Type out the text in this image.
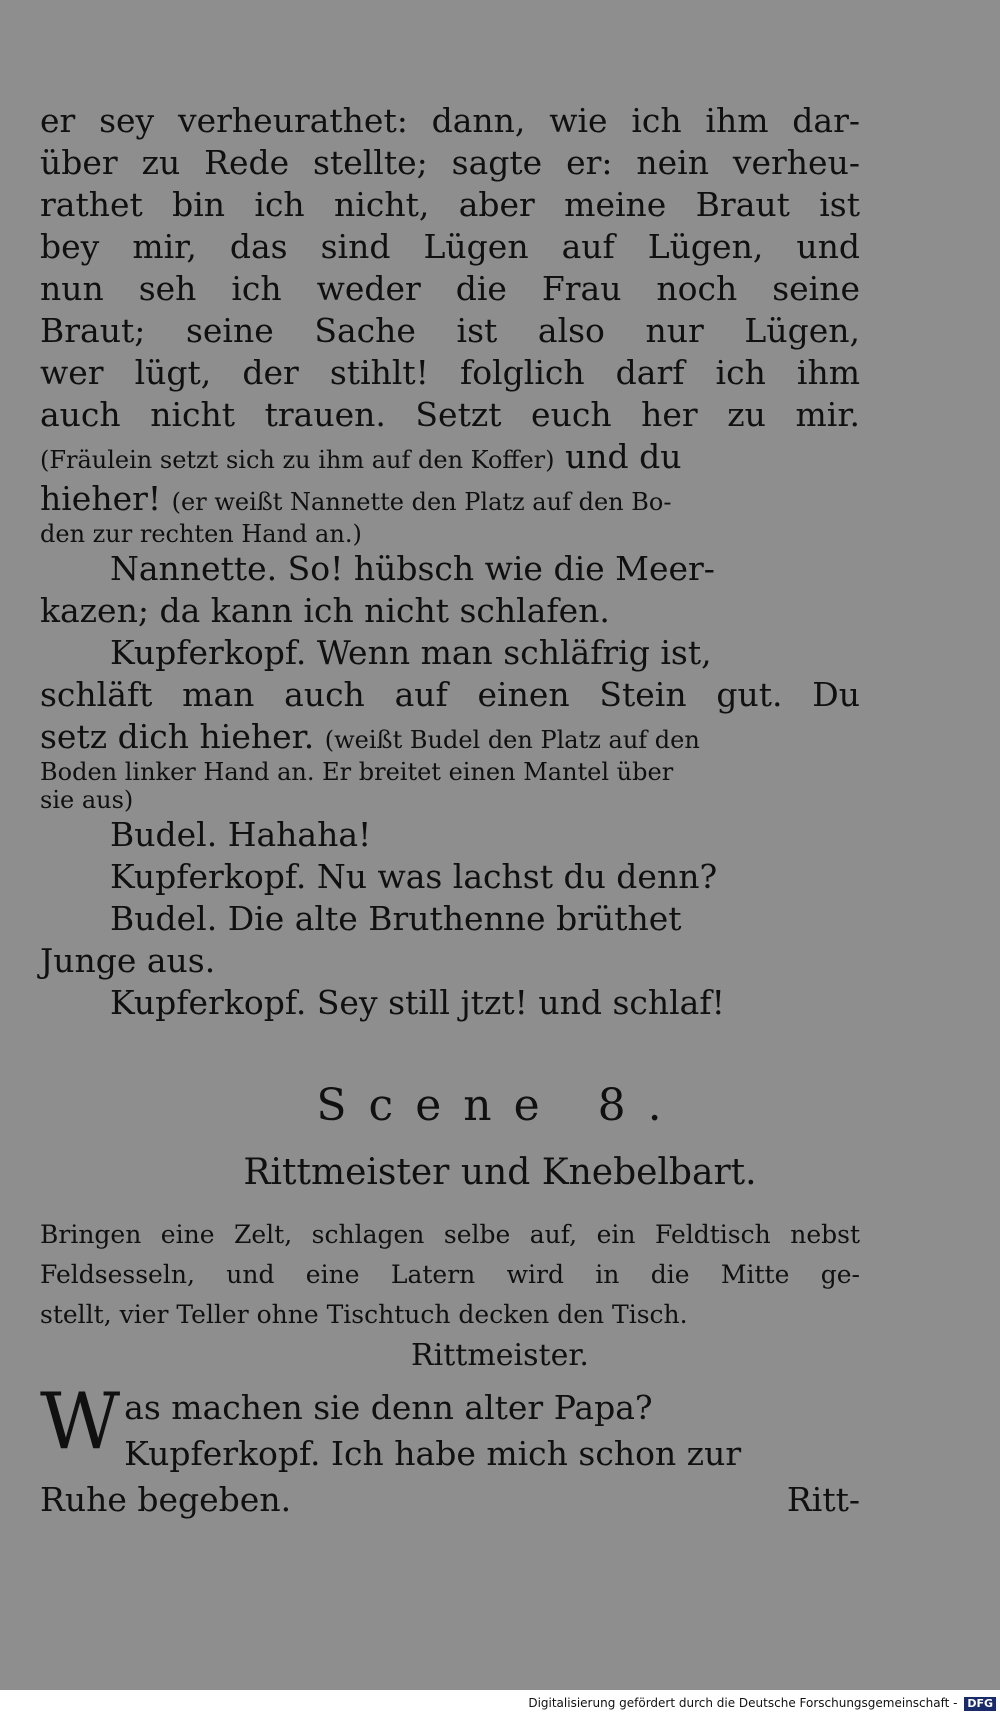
er sey verheurathet: dann, wie ich ihm dar-
über zu Rede stellte; sagte er: nein verheu-
rathet bin ich nicht, aber meine Braut ist
bey mir, das sind Lügen auf Lügen, und
nun seh ich weder die Frau noch seine
Braut; seine Sache ist also nur Lügen,
wer lügt, der stihlt! folglich darf ich ihm
auch nicht trauen. Setzt euch her zu mir.
(Fräulein setzt sich zu ihm auf den Koffer) und du
hieher! (er weißt Nannette den Platz auf den Bo-
den zur rechten Hand an.)
Nannette. So! hübsch wie die Meer-
kazen; da kann ich nicht schlafen.
Kupferkopf. Wenn man schläfrig ist,
schläft man auch auf einen Stein gut. Du
setz dich hieher. (weißt Budel den Platz auf den
Boden linker Hand an. Er breitet einen Mantel über
sie aus)
Budel. Hahaha!
Kupferkopf. Nu was lachst du denn?
Budel. Die alte Bruthenne brüthet
Junge aus.
Kupferkopf. Sey still jtzt! und schlaf!
Scene 8.
Rittmeister und Knebelbart.
Bringen eine Zelt, schlagen selbe auf, ein Feldtisch nebst
Feldsesseln, und eine Latern wird in die Mitte ge-
stellt, vier Teller ohne Tischtuch decken den Tisch.
Rittmeister.
W as machen sie denn alter Papa?
Kupferkopf. Ich habe mich schon zur
Ruhe begeben.	Ritt-
Digitalisierung gefördert durch die Deutsche Forschungsgemeinschaft - DFG
